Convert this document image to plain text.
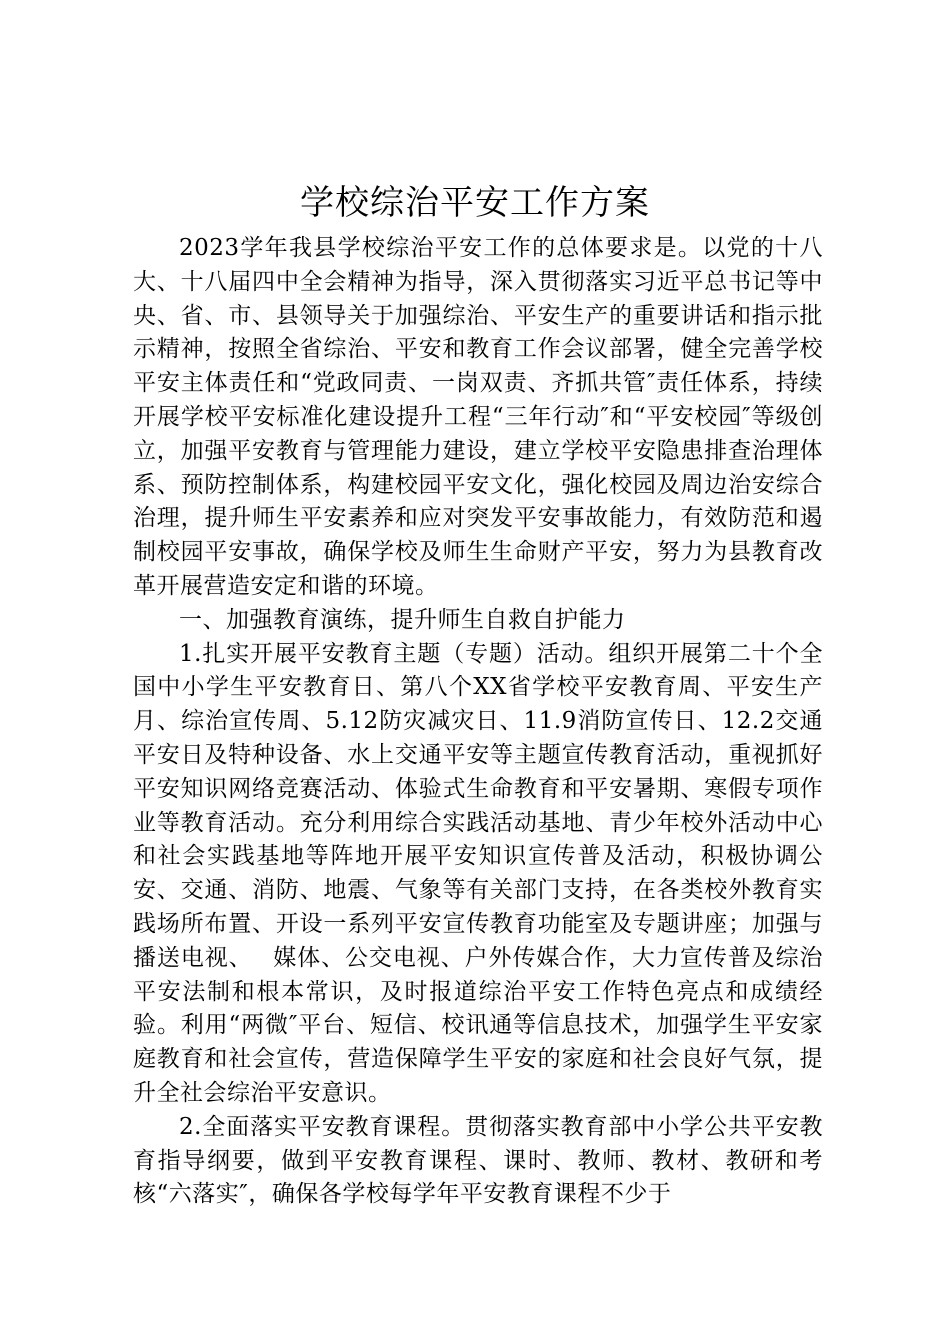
学校综治平安工作方案

2023学年我县学校综治平安工作的总体要求是。以党的十八大、十八届四中全会精神为指导，深入贯彻落实习近平总书记等中央、省、市、县领导关于加强综治、平安生产的重要讲话和指示批示精神，按照全省综治、平安和教育工作会议部署，健全完善学校平安主体责任和“党政同责、一岗双责、齐抓共管″责任体系，持续开展学校平安标准化建设提升工程“三年行动″和“平安校园″等级创立，加强平安教育与管理能力建设，建立学校平安隐患排查治理体系、预防控制体系，构建校园平安文化，强化校园及周边治安综合治理，提升师生平安素养和应对突发平安事故能力，有效防范和遏制校园平安事故，确保学校及师生生命财产平安，努力为县教育改革开展营造安定和谐的环境。

一、加强教育演练，提升师生自救自护能力

1.扎实开展平安教育主题（专题）活动。组织开展第二十个全国中小学生平安教育日、第八个XX省学校平安教育周、平安生产月、综治宣传周、5.12防灾减灾日、11.9消防宣传日、12.2交通平安日及特种设备、水上交通平安等主题宣传教育活动，重视抓好平安知识网络竞赛活动、体验式生命教育和平安暑期、寒假专项作业等教育活动。充分利用综合实践活动基地、青少年校外活动中心和社会实践基地等阵地开展平安知识宣传普及活动，积极协调公安、交通、消防、地震、气象等有关部门支持，在各类校外教育实践场所布置、开设一系列平安宣传教育功能室及专题讲座；加强与播送电视、　 媒体、公交电视、户外传媒合作，大力宣传普及综治平安法制和根本常识，及时报道综治平安工作特色亮点和成绩经验。利用“两微″平台、短信、校讯通等信息技术，加强学生平安家庭教育和社会宣传，营造保障学生平安的家庭和社会良好气氛，提升全社会综治平安意识。

2.全面落实平安教育课程。贯彻落实教育部中小学公共平安教育指导纲要，做到平安教育课程、课时、教师、教材、教研和考核“六落实″，确保各学校每学年平安教育课程不少于
